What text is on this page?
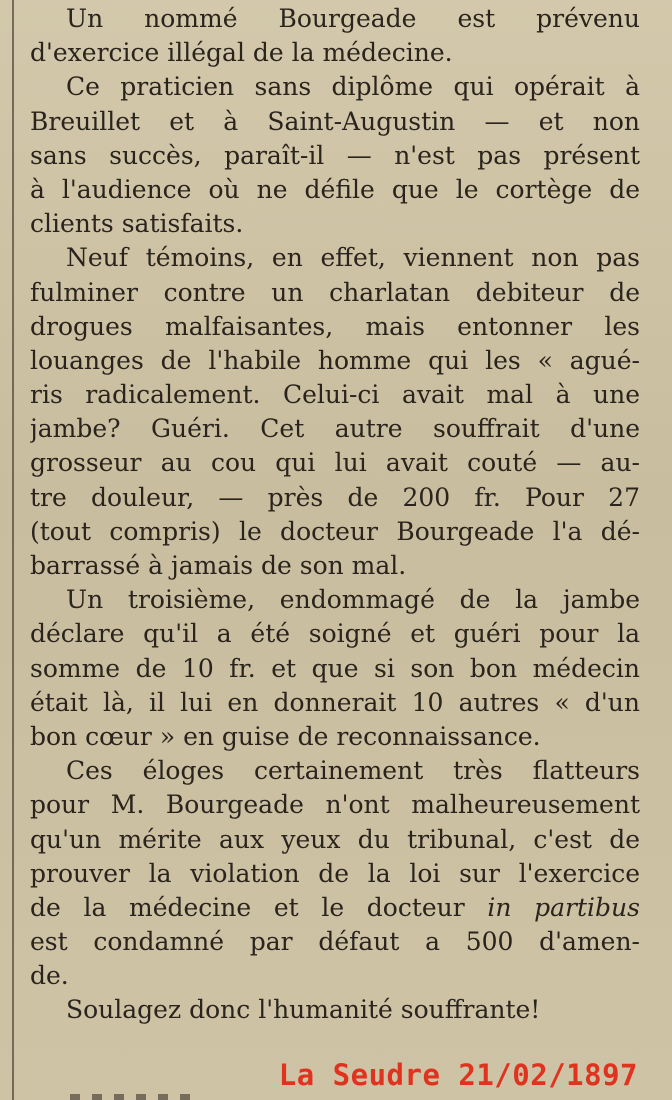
Un nommé Bourgeade est prévenu
d'exercice illégal de la médecine.

Ce praticien sans diplôme qui opérait à
Breuillet et à Saint-Augustin — et non
sans succès, paraît-il — n'est pas présent
à l'audience où ne défile que le cortège de
clients satisfaits.

Neuf témoins, en effet, viennent non pas
fulminer contre un charlatan debiteur de
drogues malfaisantes, mais entonner les
louanges de l'habile homme qui les « agué-
ris radicalement. Celui-ci avait mal à une
jambe? Guéri. Cet autre souffrait d'une
grosseur au cou qui lui avait couté — au-
tre douleur, — près de 200 fr. Pour 27
(tout compris) le docteur Bourgeade l'a dé-
barrassé à jamais de son mal.

Un troisième, endommagé de la jambe
déclare qu'il a été soigné et guéri pour la
somme de 10 fr. et que si son bon médecin
était là, il lui en donnerait 10 autres « d'un
bon cœur » en guise de reconnaissance.

Ces éloges certainement très flatteurs
pour M. Bourgeade n'ont malheureusement
qu'un mérite aux yeux du tribunal, c'est de
prouver la violation de la loi sur l'exercice
de la médecine et le docteur in partibus
est condamné par défaut a 500 d'amen-
de.

Soulagez donc l'humanité souffrante!

La Seudre 21/02/1897
